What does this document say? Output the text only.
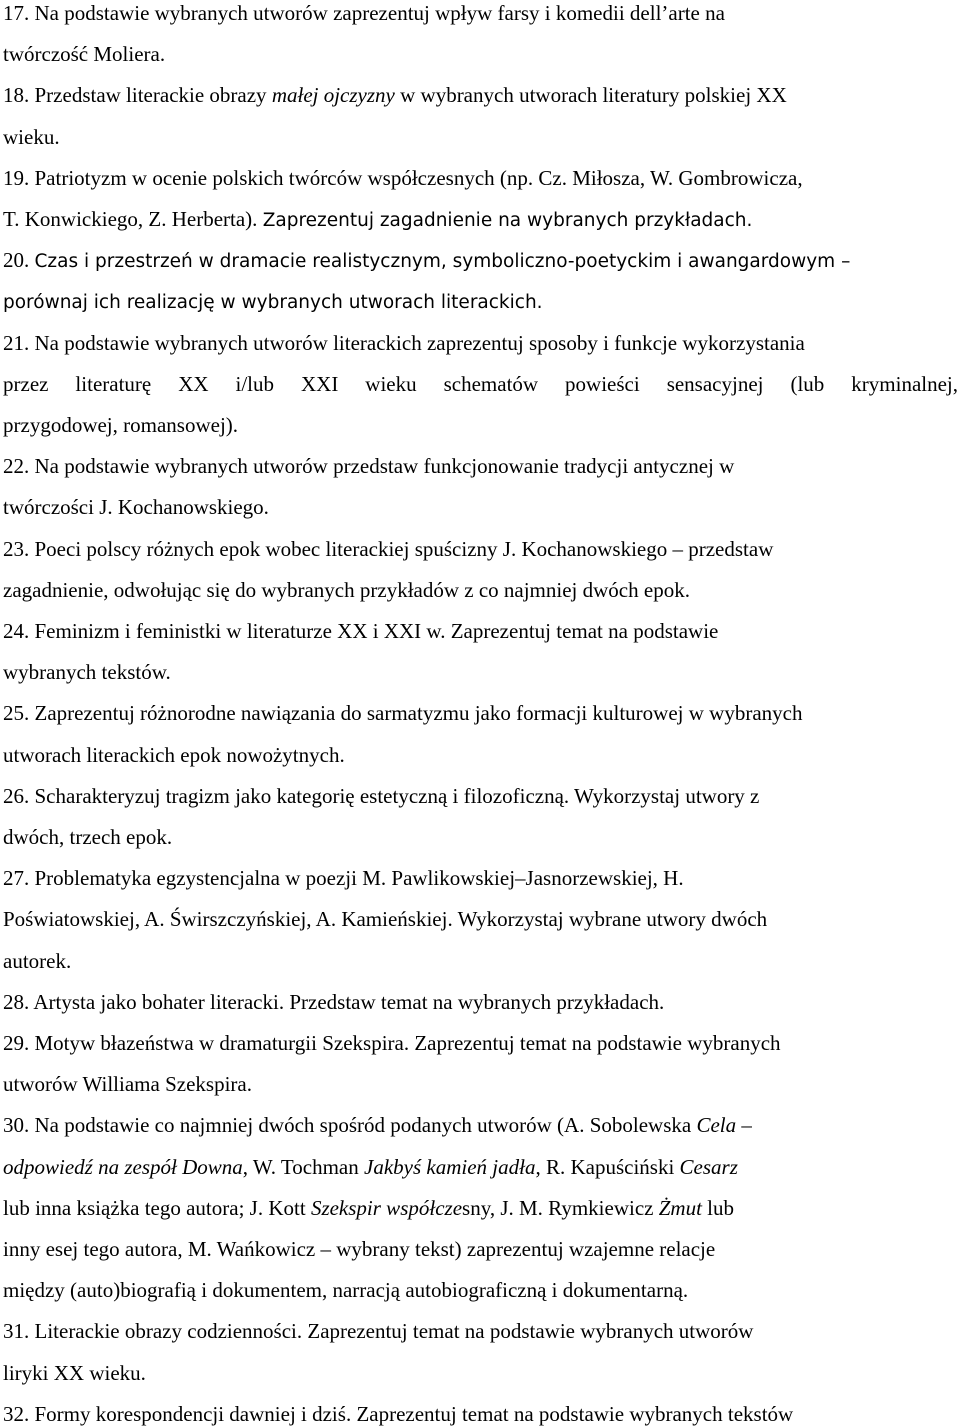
17. Na podstawie wybranych utworów zaprezentuj wpływ farsy i komedii dell’arte na

twórczość Moliera.

18. Przedstaw literackie obrazy małej ojczyzny w wybranych utworach literatury polskiej XX

wieku.

19. Patriotyzm w ocenie polskich twórców współczesnych (np. Cz. Miłosza, W. Gombrowicza,

T. Konwickiego, Z. Herberta). Zaprezentuj zagadnienie na wybranych przykładach.

20. Czas i przestrzeń w dramacie realistycznym, symboliczno-poetyckim i awangardowym –

porównaj ich realizację w wybranych utworach literackich.

21. Na podstawie wybranych utworów literackich zaprezentuj sposoby i funkcje wykorzystania

przez literaturę XX i/lub XXI wieku schematów powieści sensacyjnej (lub kryminalnej,

przygodowej, romansowej).

22. Na podstawie wybranych utworów przedstaw funkcjonowanie tradycji antycznej w

twórczości J. Kochanowskiego.

23. Poeci polscy różnych epok wobec literackiej spuścizny J. Kochanowskiego – przedstaw

zagadnienie, odwołując się do wybranych przykładów z co najmniej dwóch epok.

24. Feminizm i feministki w literaturze XX i XXI w. Zaprezentuj temat na podstawie

wybranych tekstów.

25. Zaprezentuj różnorodne nawiązania do sarmatyzmu jako formacji kulturowej w wybranych

utworach literackich epok nowożytnych.

26. Scharakteryzuj tragizm jako kategorię estetyczną i filozoficzną. Wykorzystaj utwory z

dwóch, trzech epok.

27. Problematyka egzystencjalna w poezji M. Pawlikowskiej–Jasnorzewskiej, H.

Poświatowskiej, A. Świrszczyńskiej, A. Kamieńskiej. Wykorzystaj wybrane utwory dwóch

autorek.

28. Artysta jako bohater literacki. Przedstaw temat na wybranych przykładach.

29. Motyw błazeństwa w dramaturgii Szekspira. Zaprezentuj temat na podstawie wybranych

utworów Williama Szekspira.

30. Na podstawie co najmniej dwóch spośród podanych utworów (A. Sobolewska Cela –

odpowiedź na zespół Downa, W. Tochman Jakbyś kamień jadła, R. Kapuściński Cesarz

lub inna książka tego autora; J. Kott Szekspir współczesny, J. M. Rymkiewicz Żmut lub

inny esej tego autora, M. Wańkowicz – wybrany tekst) zaprezentuj wzajemne relacje

między (auto)biografią i dokumentem, narracją autobiograficzną i dokumentarną.

31. Literackie obrazy codzienności. Zaprezentuj temat na podstawie wybranych utworów

liryki XX wieku.

32. Formy korespondencji dawniej i dziś. Zaprezentuj temat na podstawie wybranych tekstów
